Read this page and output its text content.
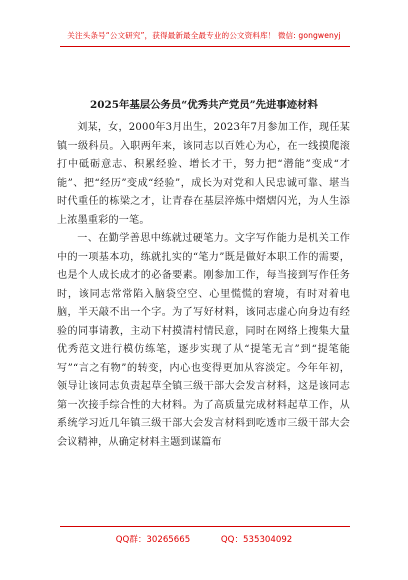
关注头条号“公文研究”，获得最新最全最专业的公文资料库！ 微信: gongwenyj
2025年基层公务员“优秀共产党员”先进事迹材料

刘某，女，2000年3月出生，2023年7月参加工作，现任某镇一级科员。入职两年来，该同志以百姓心为心，在一线摸爬滚打中砥砺意志、积累经验、增长才干，努力把“潜能”变成“才能”、把“经历”变成“经验”，成长为对党和人民忠诚可靠、堪当时代重任的栋梁之才，让青春在基层淬炼中熠熠闪光，为人生添上浓墨重彩的一笔。

一、在勤学善思中练就过硬笔力。文字写作能力是机关工作中的一项基本功，练就扎实的“笔力”既是做好本职工作的需要，也是个人成长成才的必备要素。刚参加工作，每当接到写作任务时，该同志常常陷入脑袋空空、心里慌慌的窘境，有时对着电脑，半天敲不出一个字。为了写好材料，该同志虚心向身边有经验的同事请教，主动下村摸清村情民意，同时在网络上搜集大量优秀范文进行模仿练笔，逐步实现了从“提笔无言”到“提笔能写”“言之有物”的转变，内心也变得更加从容淡定。今年年初，领导让该同志负责起草全镇三级干部大会发言材料，这是该同志第一次接手综合性的大材料。为了高质量完成材料起草工作，从系统学习近几年镇三级干部大会发言材料到吃透市三级干部大会会议精神，从确定材料主题到谋篇布

QQ群：30265665	QQ：535304092
